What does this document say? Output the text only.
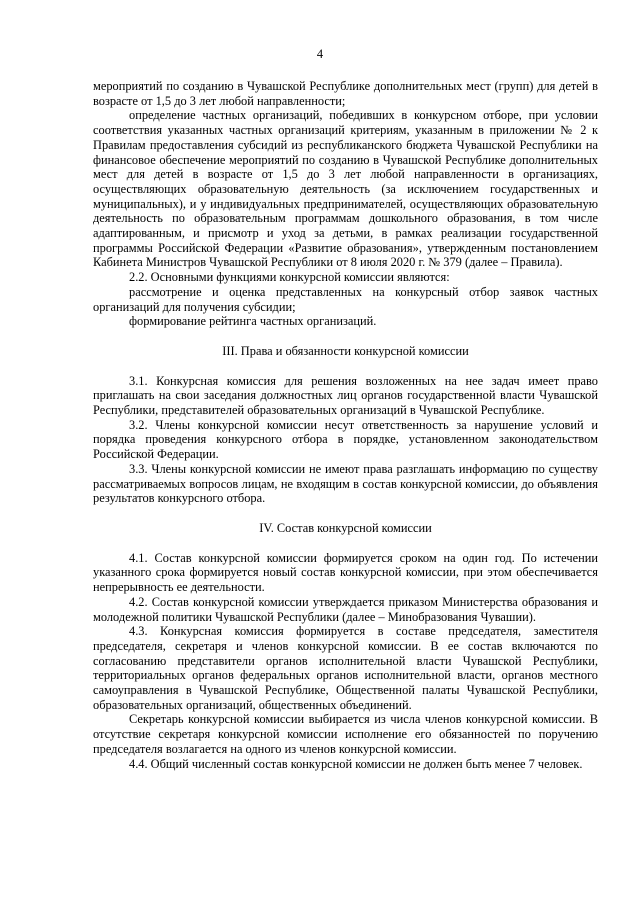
4

мероприятий по созданию в Чувашской Республике дополнительных мест (групп) для детей в возрасте от 1,5 до 3 лет любой направленности;

определение частных организаций, победивших в конкурсном отборе, при условии соответствия указанных частных организаций критериям, указанным в приложении № 2 к Правилам предоставления субсидий из республиканского бюджета Чувашской Республики на финансовое обеспечение мероприятий по созданию в Чувашской Республике дополнительных мест для детей в возрасте от 1,5 до 3 лет любой направленности в организациях, осуществляющих образовательную деятельность (за исключением государственных и муниципальных), и у индивидуальных предпринимателей, осуществляющих образовательную деятельность по образовательным программам дошкольного образования, в том числе адаптированным, и присмотр и уход за детьми, в рамках реализации государственной программы Российской Федерации «Развитие образования», утвержденным постановлением Кабинета Министров Чувашской Республики от 8 июля 2020 г. № 379 (далее – Правила).

2.2. Основными функциями конкурсной комиссии являются:

рассмотрение и оценка представленных на конкурсный отбор заявок частных организаций для получения субсидии;

формирование рейтинга частных организаций.

III. Права и обязанности конкурсной комиссии

3.1. Конкурсная комиссия для решения возложенных на нее задач имеет право приглашать на свои заседания должностных лиц органов государственной власти Чувашской Республики, представителей образовательных организаций в Чувашской Республике.

3.2. Члены конкурсной комиссии несут ответственность за нарушение условий и порядка проведения конкурсного отбора в порядке, установленном законодательством Российской Федерации.

3.3. Члены конкурсной комиссии не имеют права разглашать информацию по существу рассматриваемых вопросов лицам, не входящим в состав конкурсной комиссии, до объявления результатов конкурсного отбора.

IV. Состав конкурсной комиссии

4.1. Состав конкурсной комиссии формируется сроком на один год. По истечении указанного срока формируется новый состав конкурсной комиссии, при этом обеспечивается непрерывность ее деятельности.

4.2. Состав конкурсной комиссии утверждается приказом Министерства образования и молодежной политики Чувашской Республики (далее – Минобразования Чувашии).

4.3. Конкурсная комиссия формируется в составе председателя, заместителя председателя, секретаря и членов конкурсной комиссии. В ее состав включаются по согласованию представители органов исполнительной власти Чувашской Республики, территориальных органов федеральных органов исполнительной власти, органов местного самоуправления в Чувашской Республике, Общественной палаты Чувашской Республики, образовательных организаций, общественных объединений.

Секретарь конкурсной комиссии выбирается из числа членов конкурсной комиссии. В отсутствие секретаря конкурсной комиссии исполнение его обязанностей по поручению председателя возлагается на одного из членов конкурсной комиссии.

4.4. Общий численный состав конкурсной комиссии не должен быть менее 7 человек.
